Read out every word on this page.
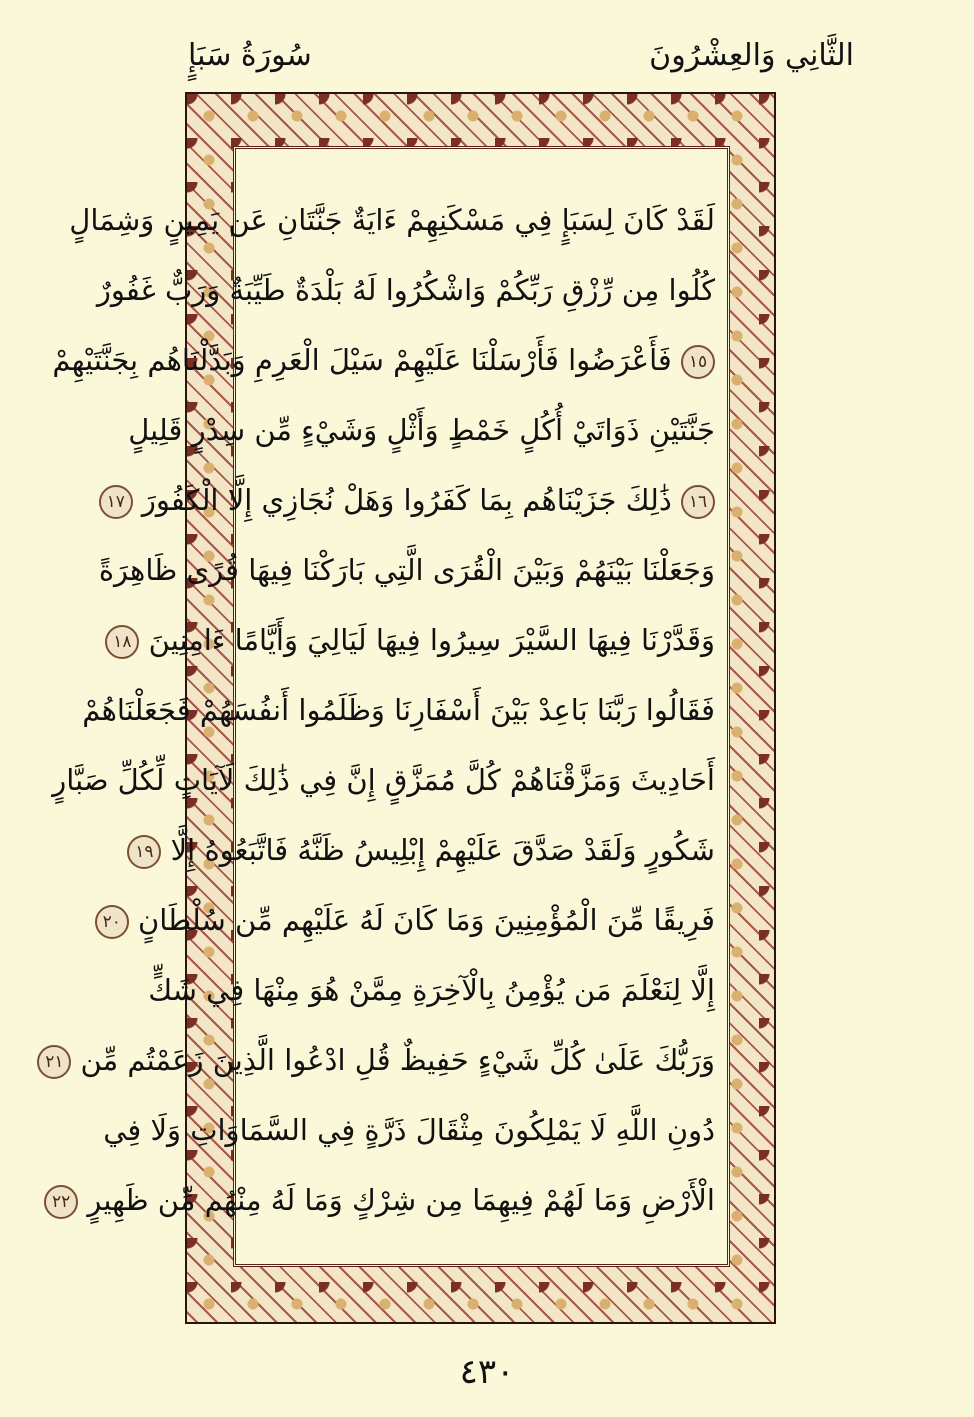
الثَّانِي وَالعِشْرُونَ
سُورَةُ سَبَإٍ
لَقَدْ كَانَ لِسَبَإٍ فِي مَسْكَنِهِمْ ءَايَةٌ جَنَّتَانِ عَن يَمِينٍ وَشِمَالٍ
كُلُوا مِن رِّزْقِ رَبِّكُمْ وَاشْكُرُوا لَهُ بَلْدَةٌ طَيِّبَةٌ وَرَبٌّ غَفُورٌ
١٥ فَأَعْرَضُوا فَأَرْسَلْنَا عَلَيْهِمْ سَيْلَ الْعَرِمِ وَبَدَّلْنَاهُم بِجَنَّتَيْهِمْ
جَنَّتَيْنِ ذَوَاتَيْ أُكُلٍ خَمْطٍ وَأَثْلٍ وَشَيْءٍ مِّن سِدْرٍ قَلِيلٍ
١٦ ذَٰلِكَ جَزَيْنَاهُم بِمَا كَفَرُوا وَهَلْ نُجَازِي إِلَّا الْكَفُورَ ١٧
وَجَعَلْنَا بَيْنَهُمْ وَبَيْنَ الْقُرَى الَّتِي بَارَكْنَا فِيهَا قُرًى ظَاهِرَةً
وَقَدَّرْنَا فِيهَا السَّيْرَ سِيرُوا فِيهَا لَيَالِيَ وَأَيَّامًا ءَامِنِينَ ١٨
فَقَالُوا رَبَّنَا بَاعِدْ بَيْنَ أَسْفَارِنَا وَظَلَمُوا أَنفُسَهُمْ فَجَعَلْنَاهُمْ
أَحَادِيثَ وَمَزَّقْنَاهُمْ كُلَّ مُمَزَّقٍ إِنَّ فِي ذَٰلِكَ لَآيَاتٍ لِّكُلِّ صَبَّارٍ
شَكُورٍ وَلَقَدْ صَدَّقَ عَلَيْهِمْ إِبْلِيسُ ظَنَّهُ فَاتَّبَعُوهُ إِلَّا ١٩
فَرِيقًا مِّنَ الْمُؤْمِنِينَ وَمَا كَانَ لَهُ عَلَيْهِم مِّن سُلْطَانٍ ٢٠
إِلَّا لِنَعْلَمَ مَن يُؤْمِنُ بِالْآخِرَةِ مِمَّنْ هُوَ مِنْهَا فِي شَكٍّ
وَرَبُّكَ عَلَىٰ كُلِّ شَيْءٍ حَفِيظٌ قُلِ ادْعُوا الَّذِينَ زَعَمْتُم مِّن ٢١
دُونِ اللَّهِ لَا يَمْلِكُونَ مِثْقَالَ ذَرَّةٍ فِي السَّمَاوَاتِ وَلَا فِي
الْأَرْضِ وَمَا لَهُمْ فِيهِمَا مِن شِرْكٍ وَمَا لَهُ مِنْهُم مِّن ظَهِيرٍ ٢٢
٤٣٠
